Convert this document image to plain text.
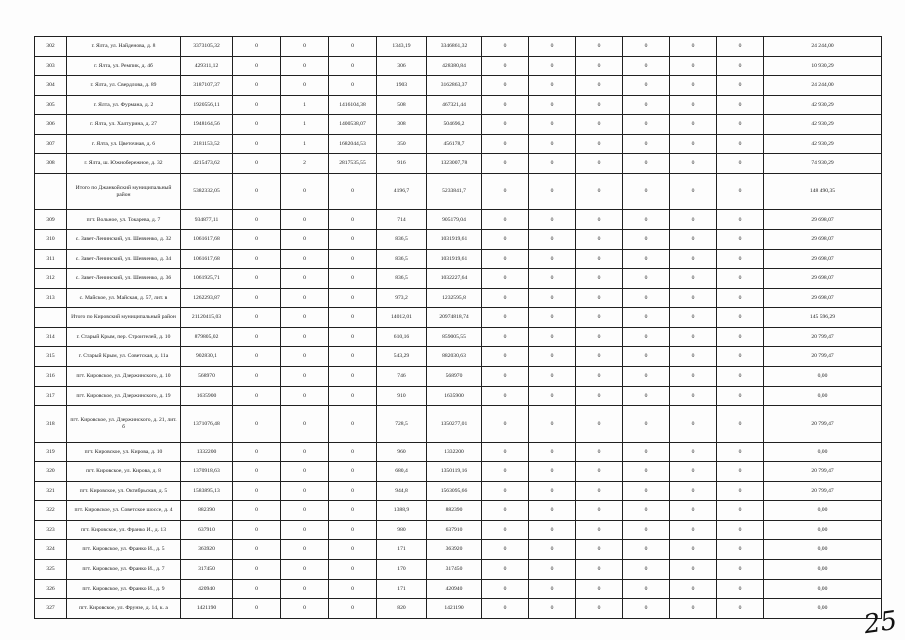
302	г. Ялта, ул. Найденова, д. 8	3373105,32	0	0	0	1343,19	3346861,32	0	0	0	0	0	0	24 244,00
303	г. Ялта, ул. Ремпик, д. 4б	429311,12	0	0	0	306	428380,84	0	0	0	0	0	0	10 930,29
304	г. Ялта, ул. Свердлова, д. 89	3187107,37	0	0	0	1903	3162863,37	0	0	0	0	0	0	24 244,00
305	г. Ялта, ул. Фурмана, д. 2	1920556,11	0	1	1416104,38	508	467321,44	0	0	0	0	0	0	42 930,29
306	г. Ялта, ул. Халтурина, д. 27	1948164,56	0	1	1400538,07	308	504696,2	0	0	0	0	0	0	42 930,29
307	г. Ялта, ул. Цветочная, д. 6	2181153,52	0	1	1682044,53	350	456178,7	0	0	0	0	0	0	42 930,29
308	г. Ялта, ш. Южнобережное, д. 32	4215473,62	0	2	2817535,55	916	1323007,78	0	0	0	0	0	0	74 930,29
	Итого по Джанкойский муниципальный район	5382332,05	0	0	0	4196,7	5233841,7	0	0	0	0	0	0	148 490,35
309	пгт. Вольное, ул. Токарева, д. 7	934877,11	0	0	0	714	905179,04	0	0	0	0	0	0	29 698,07
310	с. Завет-Ленинский, ул. Шевченко, д. 32	1061617,68	0	0	0	836,5	1031919,61	0	0	0	0	0	0	29 698,07
311	с. Завет-Ленинский, ул. Шевченко, д. 34	1061617,68	0	0	0	836,5	1031919,61	0	0	0	0	0	0	29 698,07
312	с. Завет-Ленинский, ул. Шевченко, д. 36	1061925,71	0	0	0	836,5	1032227,64	0	0	0	0	0	0	29 698,07
313	с. Майское, ул. Майская, д. 57, лит. в	1262293,87	0	0	0	973,2	1232595,8	0	0	0	0	0	0	29 698,07
	Итого по Кировский муниципальный район	21120415,03	0	0	0	14012,01	20974818,74	0	0	0	0	0	0	145 596,29
314	г. Старый Крым, пер. Строителей, д. 10	879805,02	0	0	0	610,16	859005,55	0	0	0	0	0	0	20 799,47
315	г. Старый Крым, ул. Советская, д. 11а	902830,1	0	0	0	543,29	882030,63	0	0	0	0	0	0	20 799,47
316	пгт. Кировское, ул. Дзержинского, д. 10	568970	0	0	0	746	568970	0	0	0	0	0	0	0,00
317	пгт. Кировское, ул. Дзержинского, д. 19	1635900	0	0	0	910	1635900	0	0	0	0	0	0	0,00
318	пгт. Кировское, ул. Дзержинского, д. 21, лит. б	1371076,48	0	0	0	728,5	1350277,01	0	0	0	0	0	0	20 799,47
319	пгт. Кировское, ул. Кирова, д. 10	1332200	0	0	0	960	1332200	0	0	0	0	0	0	0,00
320	пгт. Кировское, ул. Кирова, д. 8	1370918,63	0	0	0	680,4	1350119,16	0	0	0	0	0	0	20 799,47
321	пгт. Кировское, ул. Октябрьская, д. 5	1583895,13	0	0	0	944,8	1563095,66	0	0	0	0	0	0	20 799,47
322	пгт. Кировское, ул. Советское шоссе, д. 4	882390	0	0	0	1388,9	882390	0	0	0	0	0	0	0,00
323	пгт. Кировское, ул. Франко И., д. 13	637910	0	0	0	980	637910	0	0	0	0	0	0	0,00
324	пгт. Кировское, ул. Франко И., д. 5	363920	0	0	0	171	363920	0	0	0	0	0	0	0,00
325	пгт. Кировское, ул. Франко И., д. 7	317450	0	0	0	170	317450	0	0	0	0	0	0	0,00
326	пгт. Кировское, ул. Франко И., д. 9	420940	0	0	0	171	420940	0	0	0	0	0	0	0,00
327	пгт. Кировское, ул. Фрунзе, д. 14, к. а	1421190	0	0	0	820	1421190	0	0	0	0	0	0	0,00 25
